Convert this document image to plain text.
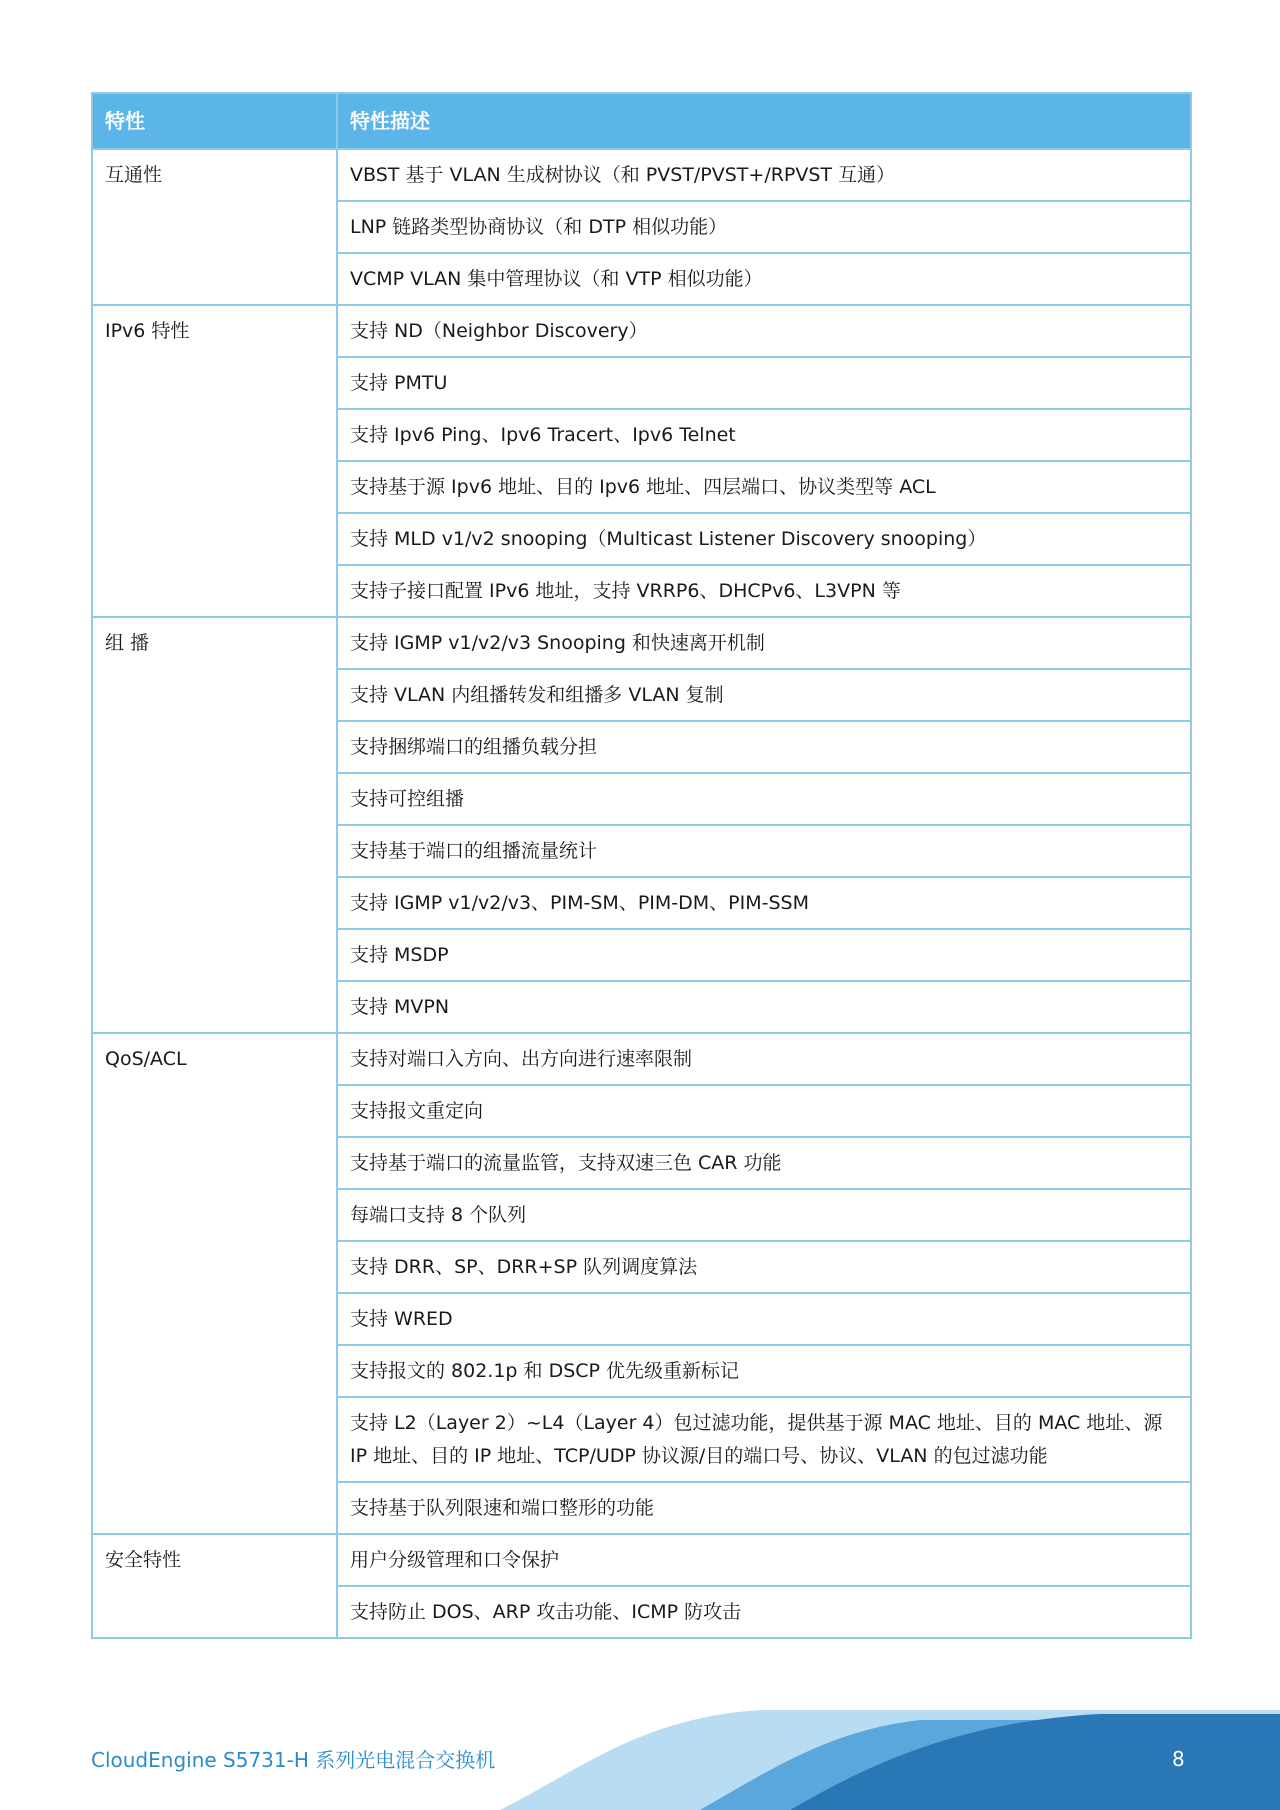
特性	特性描述
互通性	VBST 基于 VLAN 生成树协议（和 PVST/PVST+/RPVST 互通）
	LNP 链路类型协商协议（和 DTP 相似功能）
	VCMP VLAN 集中管理协议（和 VTP 相似功能）
IPv6 特性	支持 ND（Neighbor Discovery）
	支持 PMTU
	支持 Ipv6 Ping、Ipv6 Tracert、Ipv6 Telnet
	支持基于源 Ipv6 地址、目的 Ipv6 地址、四层端口、协议类型等 ACL
	支持 MLD v1/v2 snooping（Multicast Listener Discovery snooping）
	支持子接口配置 IPv6 地址，支持 VRRP6、DHCPv6、L3VPN 等
组 播	支持 IGMP v1/v2/v3 Snooping 和快速离开机制
	支持 VLAN 内组播转发和组播多 VLAN 复制
	支持捆绑端口的组播负载分担
	支持可控组播
	支持基于端口的组播流量统计
	支持 IGMP v1/v2/v3、PIM-SM、PIM-DM、PIM-SSM
	支持 MSDP
	支持 MVPN
QoS/ACL	支持对端口入方向、出方向进行速率限制
	支持报文重定向
	支持基于端口的流量监管，支持双速三色 CAR 功能
	每端口支持 8 个队列
	支持 DRR、SP、DRR+SP 队列调度算法
	支持 WRED
	支持报文的 802.1p 和 DSCP 优先级重新标记
	支持 L2（Layer 2）~L4（Layer 4）包过滤功能，提供基于源 MAC 地址、目的 MAC 地址、源 IP 地址、目的 IP 地址、TCP/UDP 协议源/目的端口号、协议、VLAN 的包过滤功能
	支持基于队列限速和端口整形的功能
安全特性	用户分级管理和口令保护
	支持防止 DOS、ARP 攻击功能、ICMP 防攻击
CloudEngine S5731-H 系列光电混合交换机	8
